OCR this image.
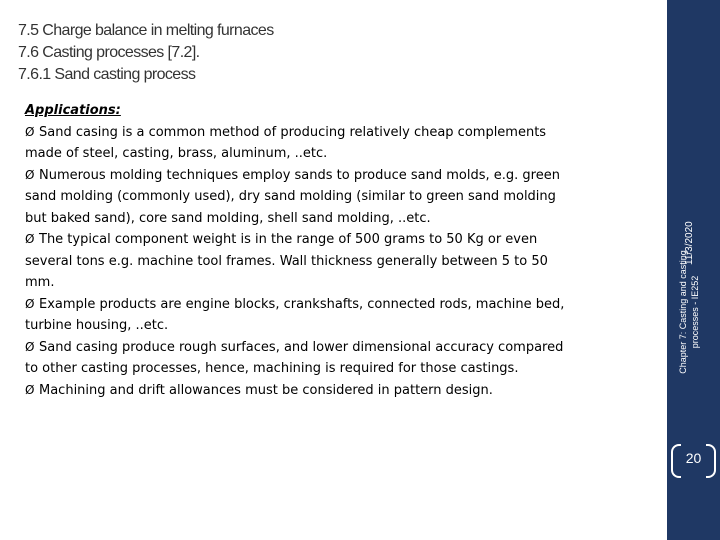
7.5 Charge balance in melting furnaces
7.6 Casting processes [7.2].
7.6.1 Sand casting process
Applications:
Ø Sand casing is a common method of producing relatively cheap complements made of steel, casting, brass, aluminum, ..etc.
Ø Numerous molding techniques employ sands to produce sand molds, e.g. green sand molding (commonly used), dry sand molding (similar to green sand molding but baked sand), core sand molding, shell sand molding, ..etc.
Ø The typical component weight is in the range of 500 grams to 50 Kg or even several tons e.g. machine tool frames. Wall thickness generally between 5 to 50 mm.
Ø Example products are engine blocks, crankshafts, connected rods, machine bed, turbine housing, ..etc.
Ø Sand casing produce rough surfaces, and lower dimensional accuracy compared to other casting processes, hence, machining is required for those castings.
Ø Machining and drift allowances must be considered in pattern design.
11/3/2020
Chapter 7: Casting and casting processes - IE252
20
